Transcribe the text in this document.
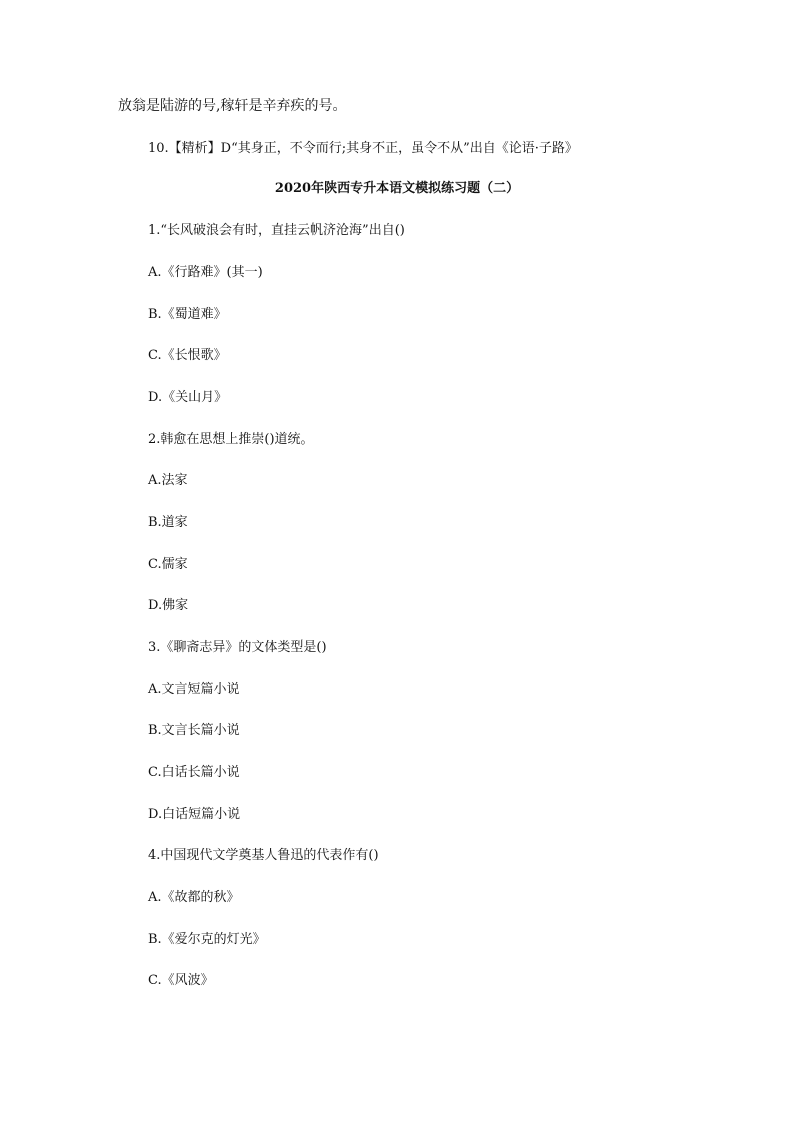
放翁是陆游的号,稼轩是辛弃疾的号。
10.【精析】D“其身正，不令而行;其身不正，虽令不从”出自《论语·子路》
2020年陕西专升本语文模拟练习题（二）
1.“长风破浪会有时，直挂云帆济沧海”出自()
A.《行路难》(其一)
B.《蜀道难》
C.《长恨歌》
D.《关山月》
2.韩愈在思想上推崇()道统。
A.法家
B.道家
C.儒家
D.佛家
3.《聊斋志异》的文体类型是()
A.文言短篇小说
B.文言长篇小说
C.白话长篇小说
D.白话短篇小说
4.中国现代文学奠基人鲁迅的代表作有()
A.《故都的秋》
B.《爱尔克的灯光》
C.《风波》
